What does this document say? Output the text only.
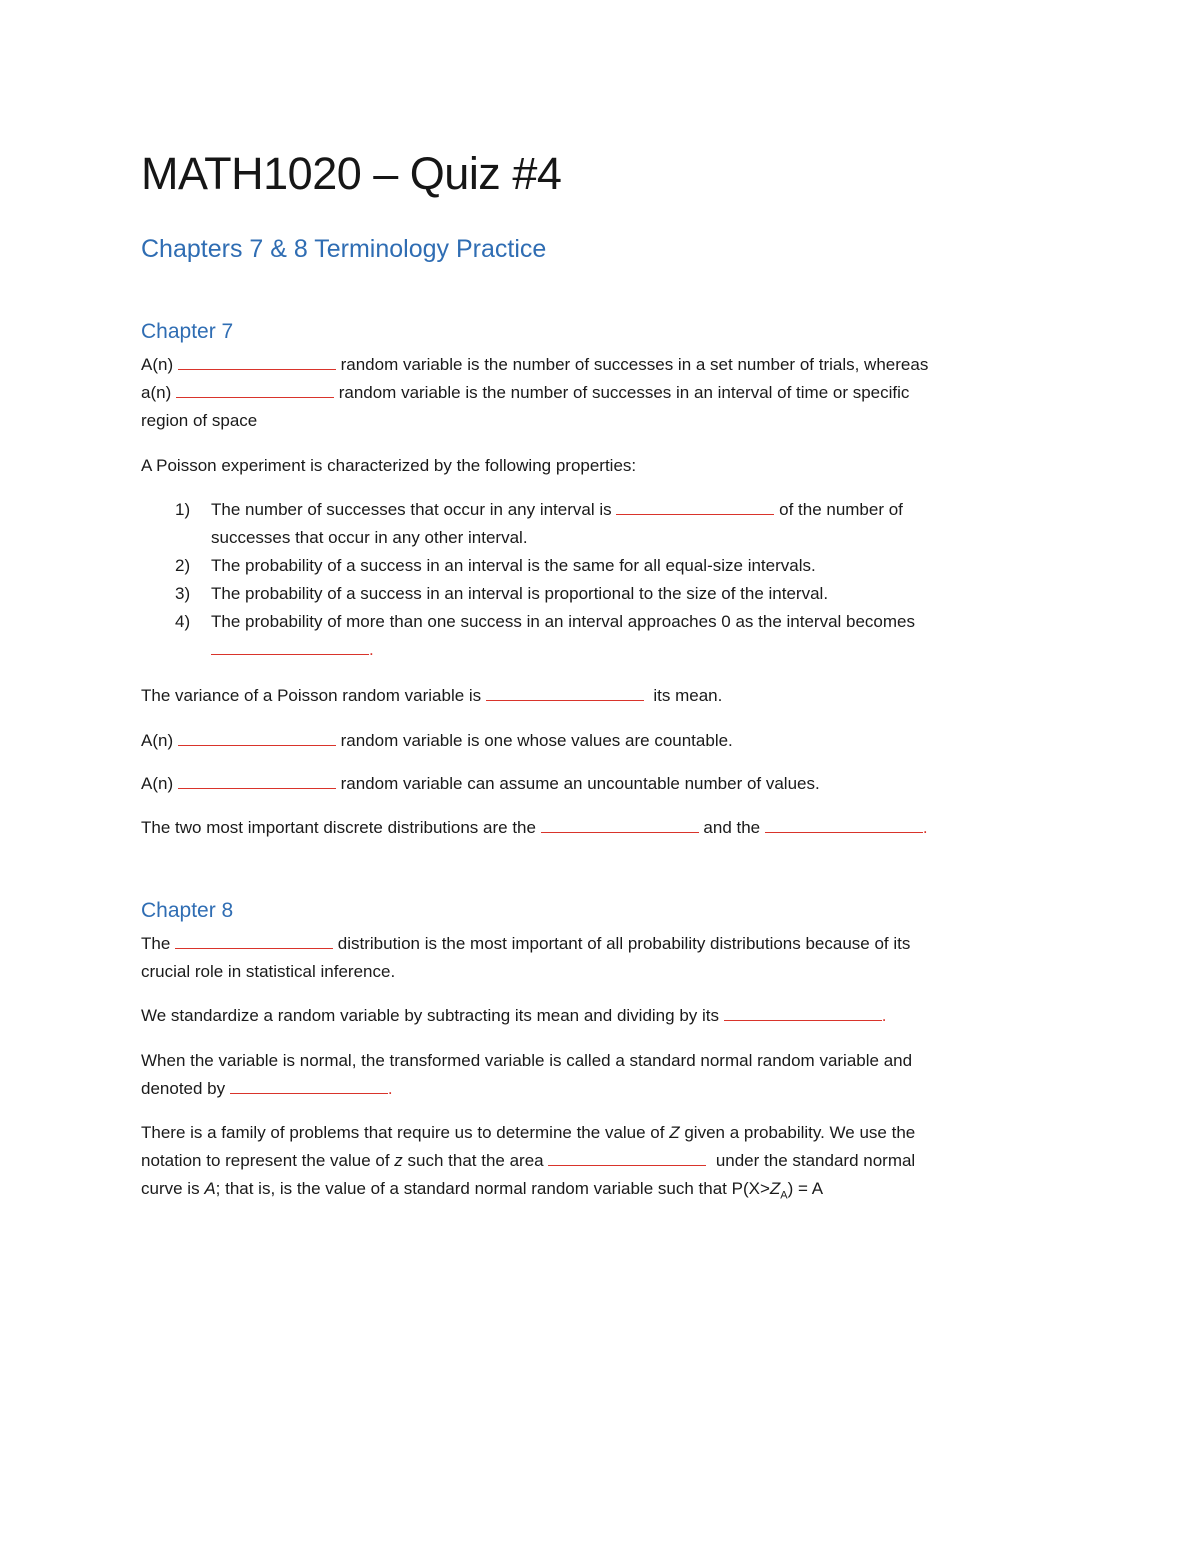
MATH1020 – Quiz #4
Chapters 7 & 8 Terminology Practice
Chapter 7

A(n)	random variable is the number of successes in a set number of trials, whereas
a(n)	random variable is the number of successes in an interval of time or specific
region of space

A Poisson experiment is characterized by the following properties:

1) The number of successes that occur in any interval is	of the number of
successes that occur in any other interval.
2) The probability of a success in an interval is the same for all equal-size intervals.
3) The probability of a success in an interval is proportional to the size of the interval.
4) The probability of more than one success in an interval approaches 0 as the interval becomes
.

The variance of a Poisson random variable is	its mean.

A(n)	random variable is one whose values are countable.

A(n)	random variable can assume an uncountable number of values.

The two most important discrete distributions are the	and the	.

Chapter 8

The	distribution is the most important of all probability distributions because of its
crucial role in statistical inference.

We standardize a random variable by subtracting its mean and dividing by its	.

When the variable is normal, the transformed variable is called a standard normal random variable and
denoted by	.

There is a family of problems that require us to determine the value of Z given a probability. We use the
notation to represent the value of z such that the area	under the standard normal
curve is A; that is, is the value of a standard normal random variable such that $P(X>Z_A) = A$
